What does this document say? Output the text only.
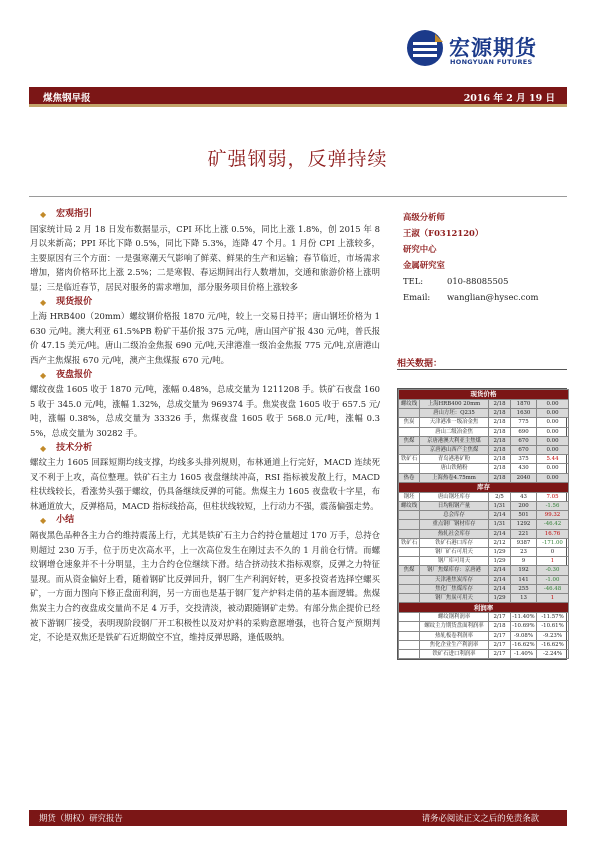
宏源期货
HONGYUAN FUTURES
煤焦钢早报	2016 年 2 月 19 日
矿强钢弱，反弹持续
◆ 宏观指引
国家统计局 2 月 18 日发布数据显示，CPI 环比上涨 0.5%，同比上涨 1.8%，创 2015 年 8 月以来新高；PPI 环比下降 0.5%，同比下降 5.3%，连降 47 个月。1 月份 CPI 上涨较多，主要原因有三个方面：一是强寒潮天气影响了鲜菜、鲜果的生产和运输；春节临近，市场需求增加，猪肉价格环比上涨 2.5%；二是寒假、春运期间出行人数增加，交通和旅游价格上涨明显；三是临近春节，居民对服务的需求增加，部分服务项目价格上涨较多
◆ 现货报价
上海 HRB400（20mm）螺纹钢价格报 1870 元/吨，较上一交易日持平；唐山钢坯价格为 1630 元/吨。澳大利亚 61.5%PB 粉矿干基价报 375 元/吨，唐山国产矿报 430 元/吨，普氏报价 47.15 美元/吨。唐山二级冶金焦报 690 元/吨,天津港准一级冶金焦报 775 元/吨,京唐港山西产主焦煤报 670 元/吨，澳产主焦煤报 670 元/吨。
◆ 夜盘报价
螺纹夜盘 1605 收于 1870 元/吨，涨幅 0.48%，总成交量为 1211208 手。铁矿石夜盘 1605 收于 345.0 元/吨，涨幅 1.32%，总成交量为 969374 手。焦炭夜盘 1605 收于 657.5 元/吨，涨幅 0.38%，总成交量为 33326 手，焦煤夜盘 1605 收于 568.0 元/吨，涨幅 0.35%，总成交量为 30282 手。
◆ 技术分析
螺纹主力 1605 回踩短期均线支撑，均线多头排列规则，布林通道上行完好，MACD 连续死叉不利于上攻，高位整理。铁矿石主力 1605 夜盘继续冲高，RSI 指标被发散上行，MACD 柱状线较长，看涨势头强于螺纹，仍具备继续反弹的可能。焦煤主力 1605 夜盘收十字星，布林通道放大，反弹格局，MACD 指标线拾高，但柱状线较短，上行动力不强，震荡偏强走势。
◆ 小结
隔夜黑色品种各主力合约维持震荡上行，尤其是铁矿石主力合约持仓量超过 170 万手，总持仓则超过 230 万手，位于历史次高水平，上一次高位发生在刚过去不久的 1 月前仓行情。而螺纹钢增仓速象并不十分明显，主力合约仓位继续下滑。结合挤动技术指标观察，反弹之力特征显现。而从资金偏好上看，随着钢矿比反弹回升，钢厂生产利润好转，更多投资者选择空螺买矿，一方面力图向下修正盘面利润，另一方面也是基于钢厂复产炉料走俏的基本面逻辑。焦煤焦炭主力合约夜盘成交量尚不足 4 万手，交投清淡，被动跟随钢矿走势。有部分焦企提价已经被下游钢厂接受，表明现阶段钢厂开工积极性以及对炉料的采购意愿增强，也符合复产预期判定，不论是双焦还是铁矿石近期做空不宜，维持反弹思路，逢低吸纳。
高级分析师
王淑（F0312120）
研究中心
金属研究室
TEL:	010-88085505
Email:	wanglian@hysec.com
相关数据：
现货价格				
螺纹线	上海HRB400 20mm	2/18	1870	0.00
	唐山方坯：Q235	2/18	1630	0.00
焦炭	天津港准一级冶金焦	2/18	775	0.00
	唐山二级冶金焦	2/18	690	0.00
焦煤	京唐港澳大利亚主焦煤	2/18	670	0.00
	京唐港山西产主焦煤	2/18	670	0.00
铁矿石	青岛港港矿粉	2/18	375	5.44
	唐山铁精粉	2/18	430	0.00
热卷	上海热卷4.75mm	2/18	2040	0.00
库存				
钢坯	唐山钢坯库存	2/5	43	7.05
螺纹线	日均粗钢产量	1/31	200	-1.56
	总会库存	2/14	501	99.32
	重点钢厂钢材库存	1/31	1292	-46.42
	热轧社会库存	2/14	221	16.76
铁矿石	铁矿石港口库存	2/12	9387	-171.00
	钢厂矿石可用天	1/29	23	0
	钢厂库可用天	1/29	9	1
焦煤	钢厂焦煤库存：京唐港	2/14	192	-0.30
	天津港焦炭库存	2/14	141	-1.00
	焦化厂焦煤库存	2/14	255	-46.48
	钢厂焦炭可用天	1/29	13	1
利润率				
	螺纹钢利润率	2/17	-11.40%	-11.57%
	螺纹主力期货盘面利润率	2/18	-10.69%	-10.61%
	热轧板卷利润率	2/17	-9.08%	-9.23%
	焦化企业生产利润率	2/17	-16.62%	-16.62%
	铁矿石进口利润率	2/17	-1.40%	-2.24%
期货（期权）研究报告	请务必阅读正文之后的免责条款
